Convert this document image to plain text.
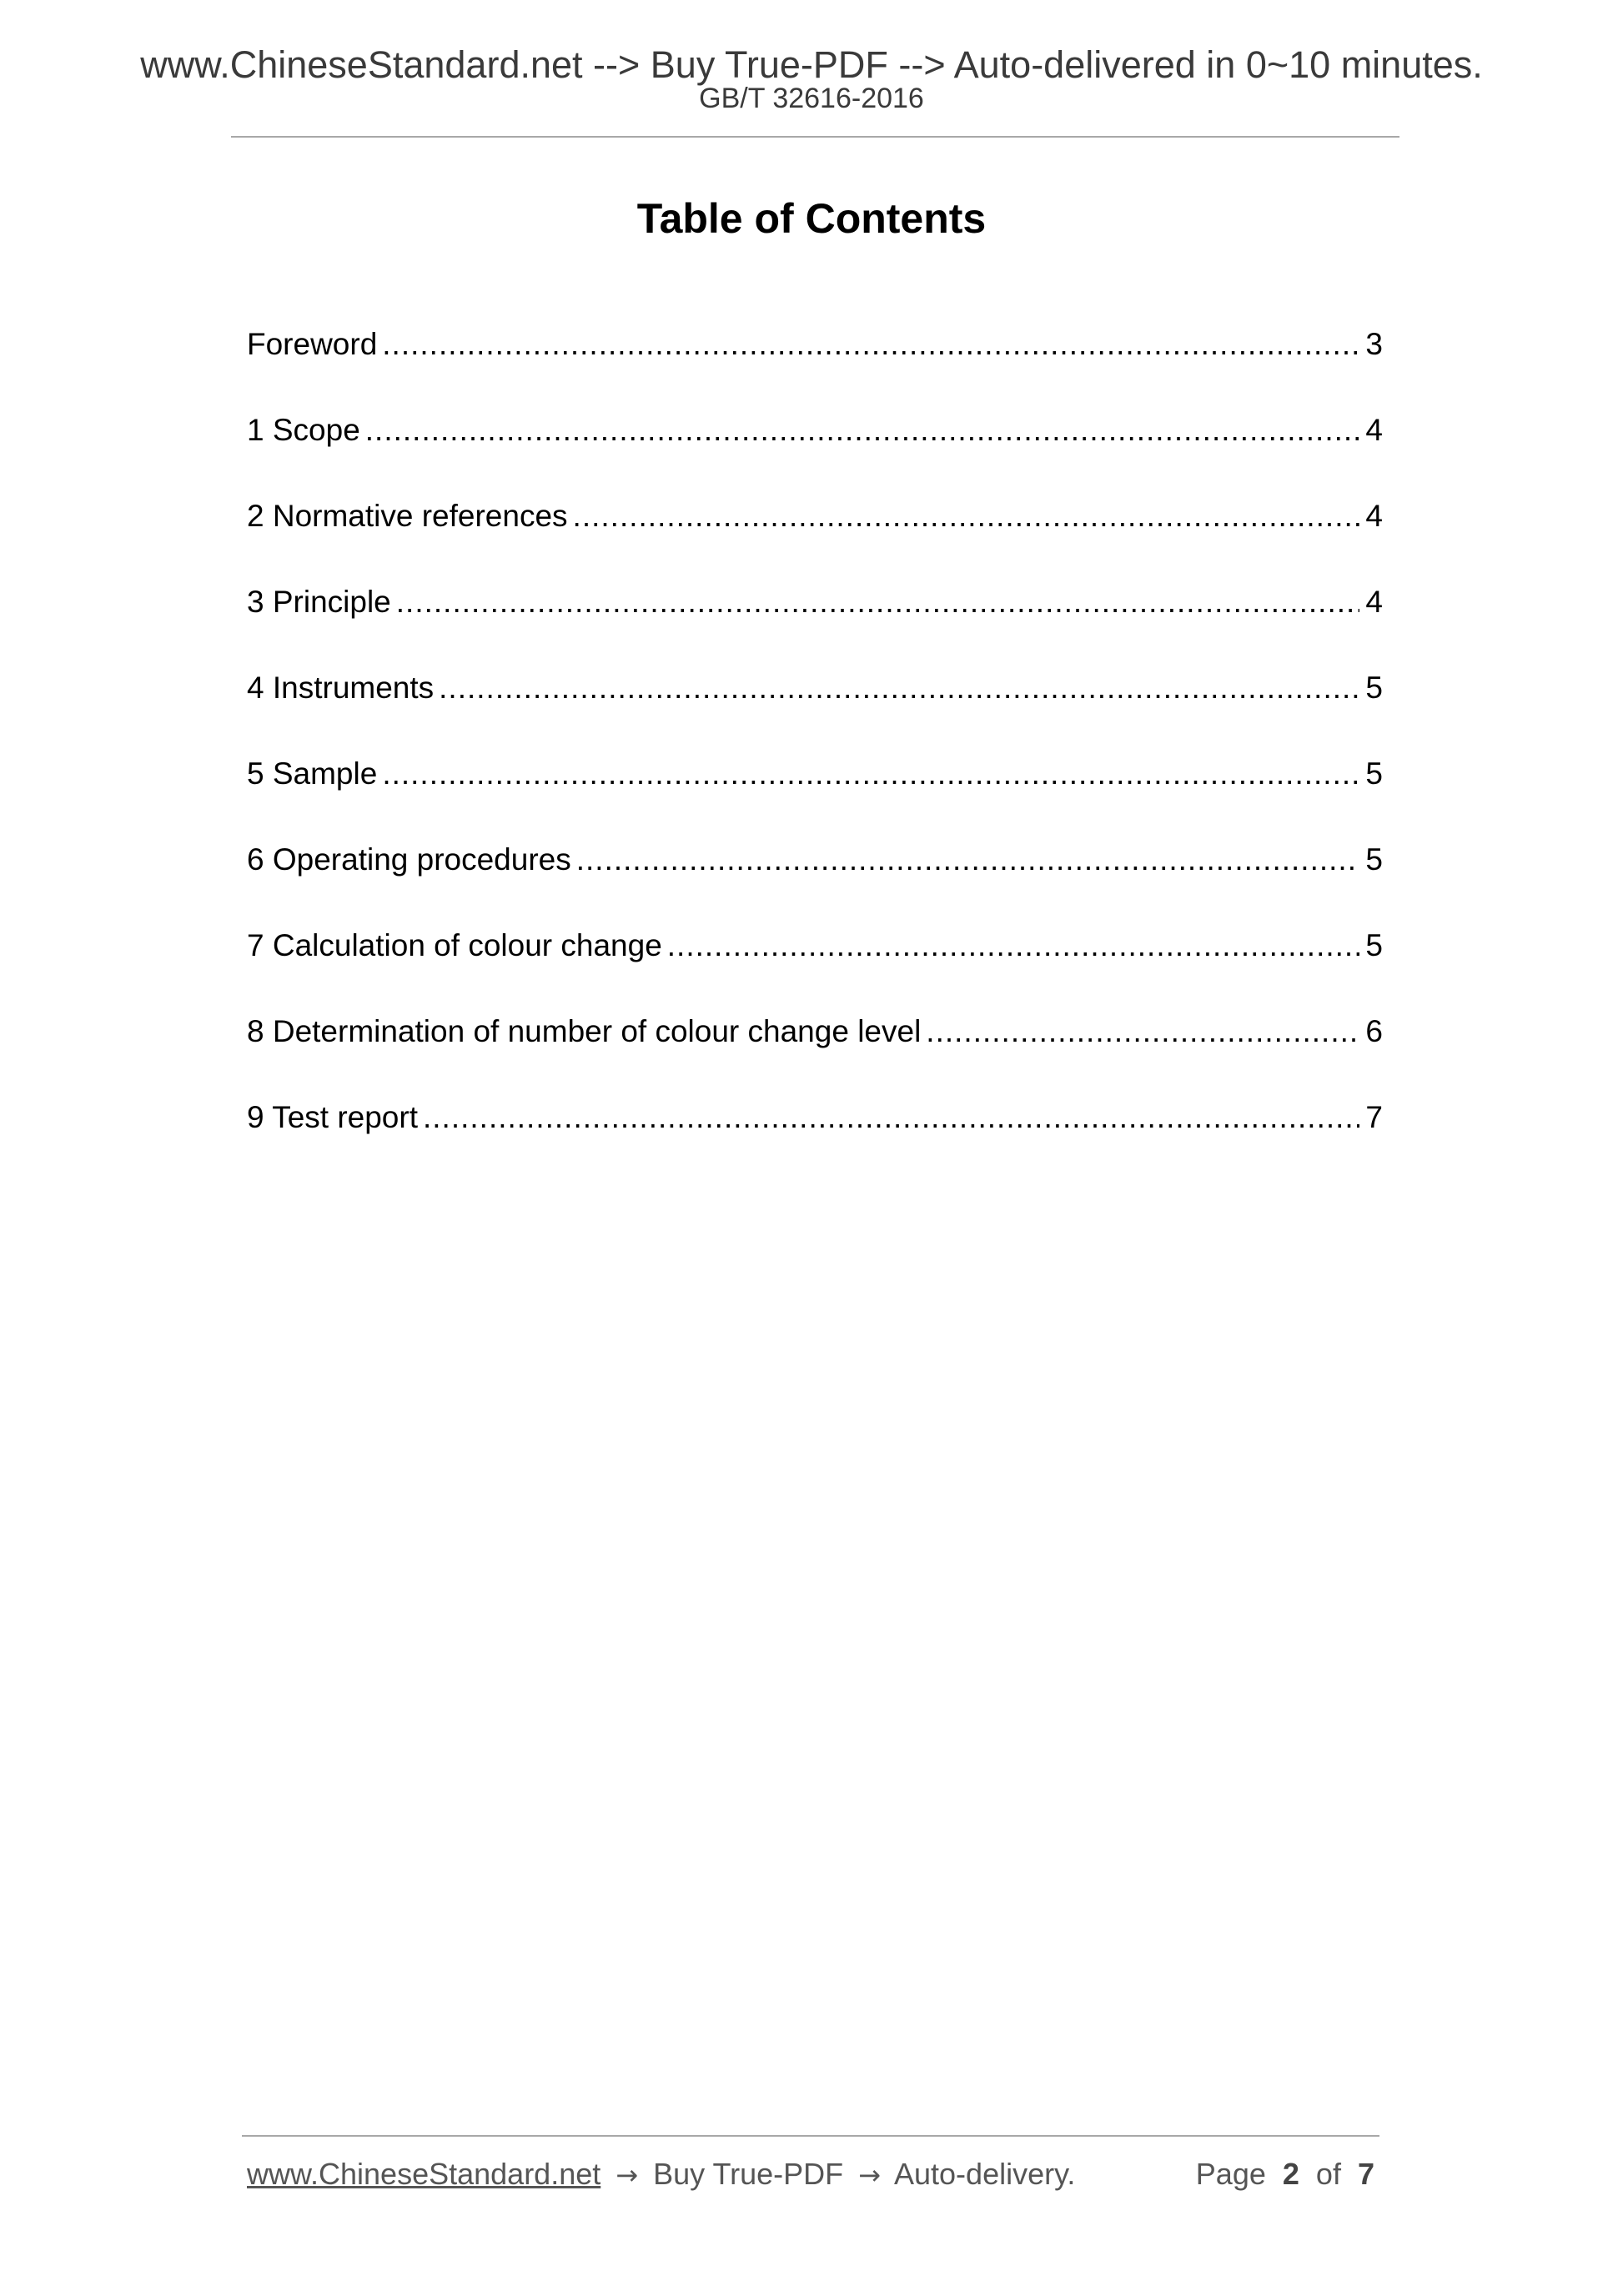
www.ChineseStandard.net --> Buy True-PDF --> Auto-delivered in 0~10 minutes.
GB/T 32616-2016
Table of Contents
Foreword .....	3
1 Scope .....	4
2 Normative references .....	4
3 Principle .....	4
4 Instruments .....	5
5 Sample .....	5
6 Operating procedures .....	5
7 Calculation of colour change .....	5
8 Determination of number of colour change level .....	6
9 Test report .....	7
www.ChineseStandard.net → Buy True-PDF → Auto-delivery.	Page 2 of 7
